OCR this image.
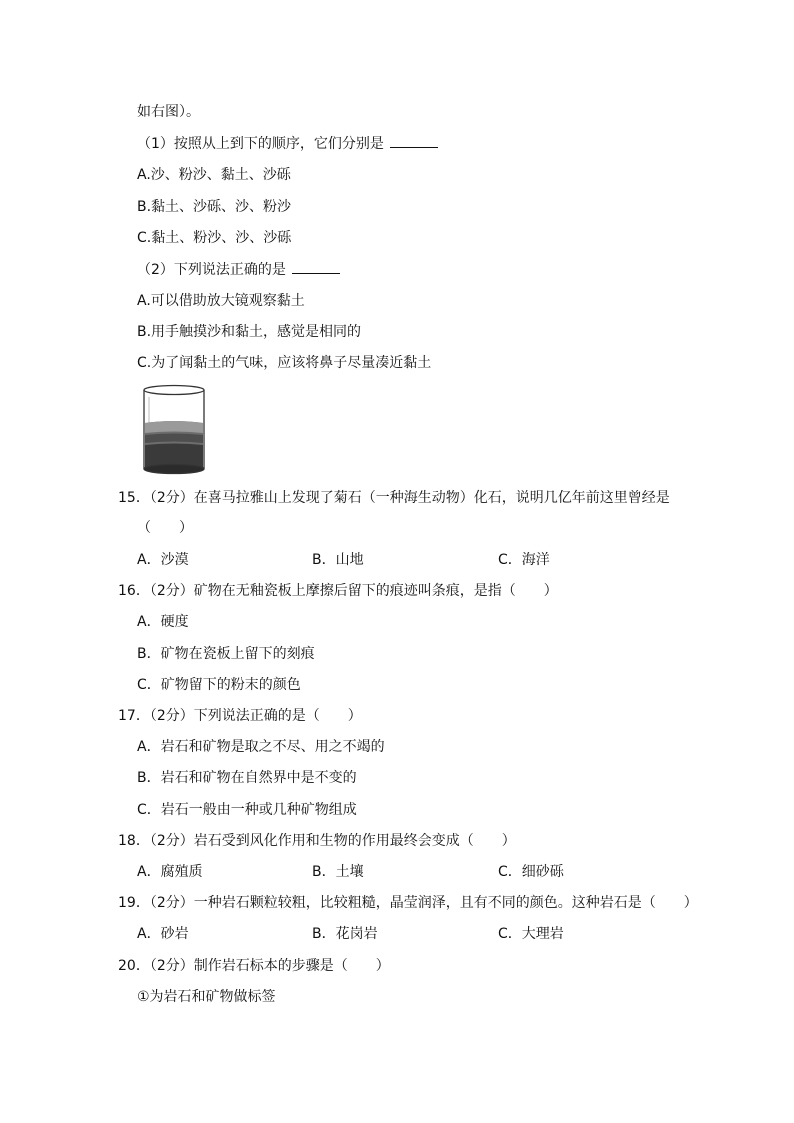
如右图）。
（1）按照从上到下的顺序，它们分别是
A.沙、粉沙、黏土、沙砾
B.黏土、沙砾、沙、粉沙
C.黏土、粉沙、沙、沙砾
（2）下列说法正确的是
A.可以借助放大镜观察黏土
B.用手触摸沙和黏土，感觉是相同的
C.为了闻黏土的气味，应该将鼻子尽量凑近黏土
15．（2分）在喜马拉雅山上发现了菊石（一种海生动物）化石，说明几亿年前这里曾经是
（　　）
A．沙漠	B．山地	C．海洋
16．（2分）矿物在无釉瓷板上摩擦后留下的痕迹叫条痕，是指（　　）
A．硬度
B．矿物在瓷板上留下的刻痕
C．矿物留下的粉末的颜色
17．（2分）下列说法正确的是（　　）
A．岩石和矿物是取之不尽、用之不竭的
B．岩石和矿物在自然界中是不变的
C．岩石一般由一种或几种矿物组成
18．（2分）岩石受到风化作用和生物的作用最终会变成（　　）
A．腐殖质	B．土壤	C．细砂砾
19．（2分）一种岩石颗粒较粗，比较粗糙，晶莹润泽，且有不同的颜色。这种岩石是（　　）
A．砂岩	B．花岗岩	C．大理岩
20．（2分）制作岩石标本的步骤是（　　）
①为岩石和矿物做标签
